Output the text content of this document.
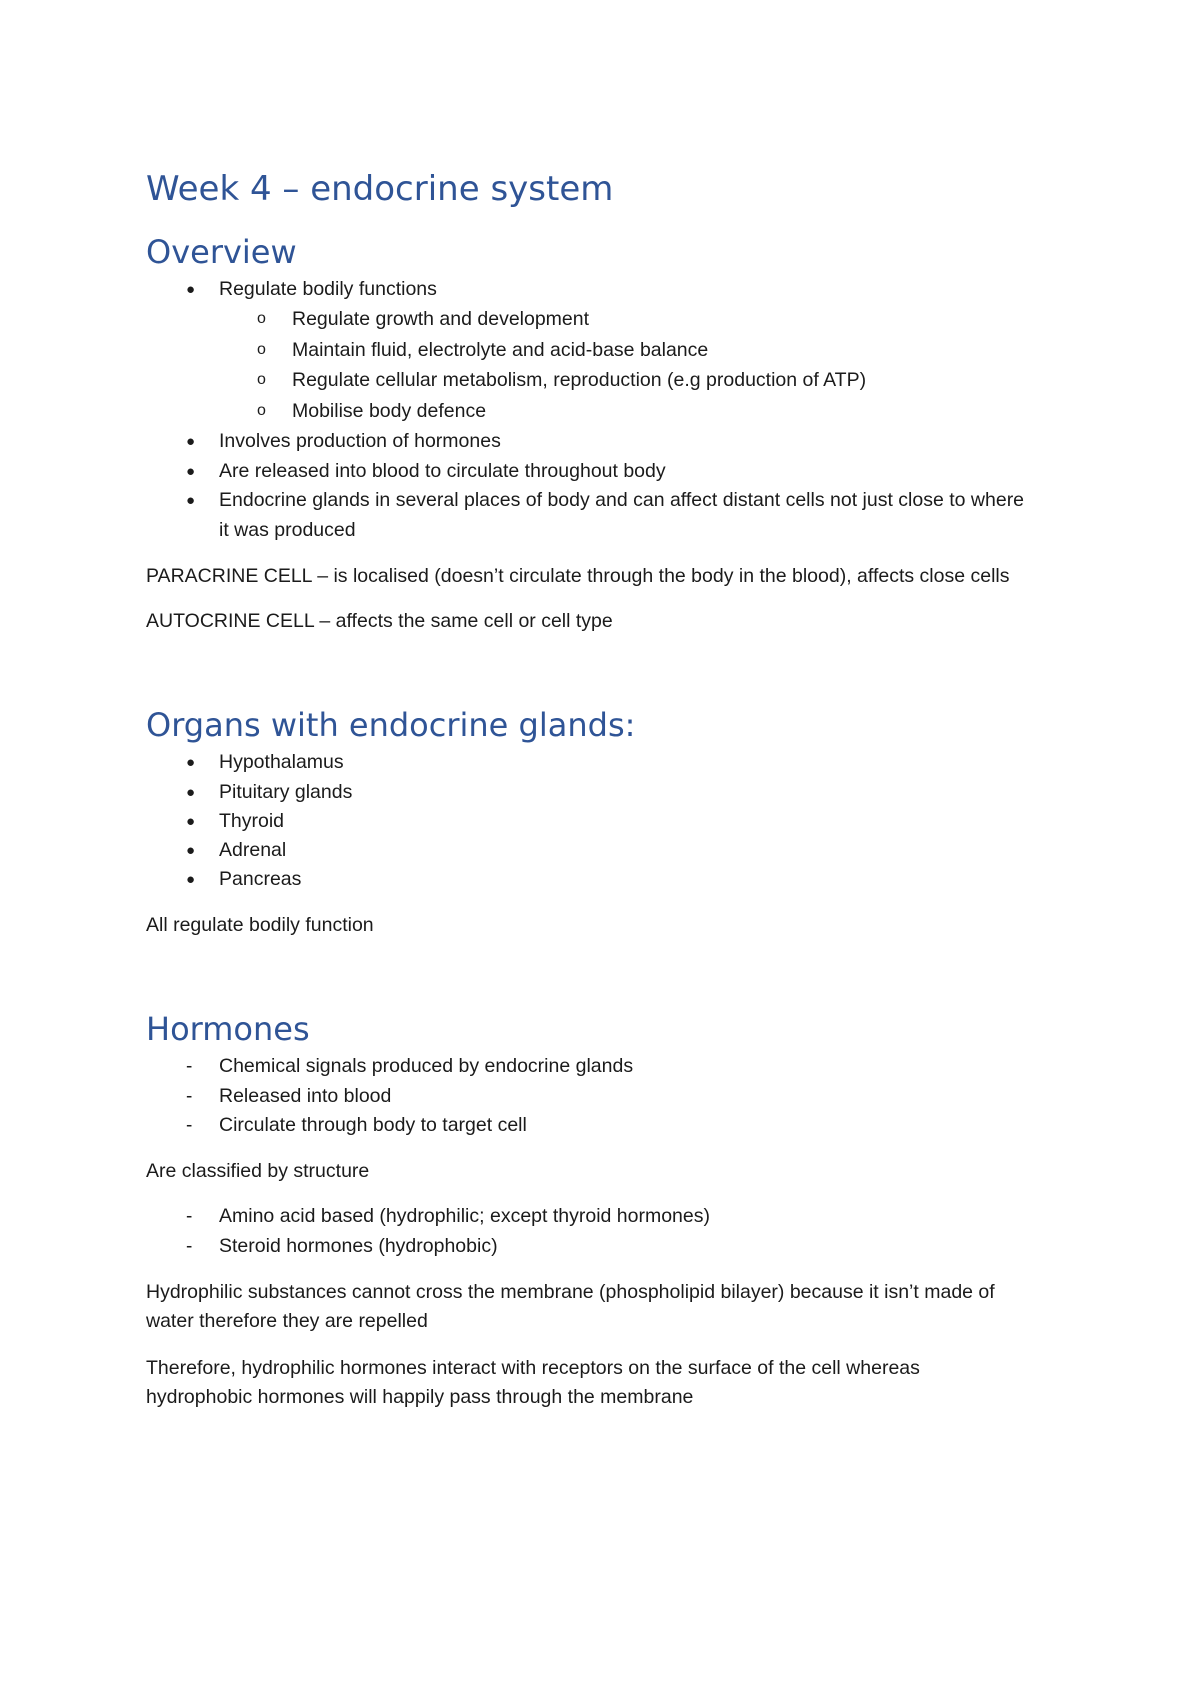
Week 4 – endocrine system
Overview
● Regulate bodily functions

o Regulate growth and development

o Maintain fluid, electrolyte and acid-base balance

o Regulate cellular metabolism, reproduction (e.g production of ATP)

o Mobilise body defence

● Involves production of hormones

● Are released into blood to circulate throughout body

● Endocrine glands in several places of body and can affect distant cells not just close to where

it was produced

PARACRINE CELL – is localised (doesn’t circulate through the body in the blood), affects close cells

AUTOCRINE CELL – affects the same cell or cell type

Organs with endocrine glands:
● Hypothalamus

● Pituitary glands

● Thyroid

● Adrenal

● Pancreas

All regulate bodily function

Hormones
- Chemical signals produced by endocrine glands

- Released into blood

- Circulate through body to target cell

Are classified by structure

- Amino acid based (hydrophilic; except thyroid hormones)

- Steroid hormones (hydrophobic)

Hydrophilic substances cannot cross the membrane (phospholipid bilayer) because it isn’t made of

water therefore they are repelled

Therefore, hydrophilic hormones interact with receptors on the surface of the cell whereas

hydrophobic hormones will happily pass through the membrane
